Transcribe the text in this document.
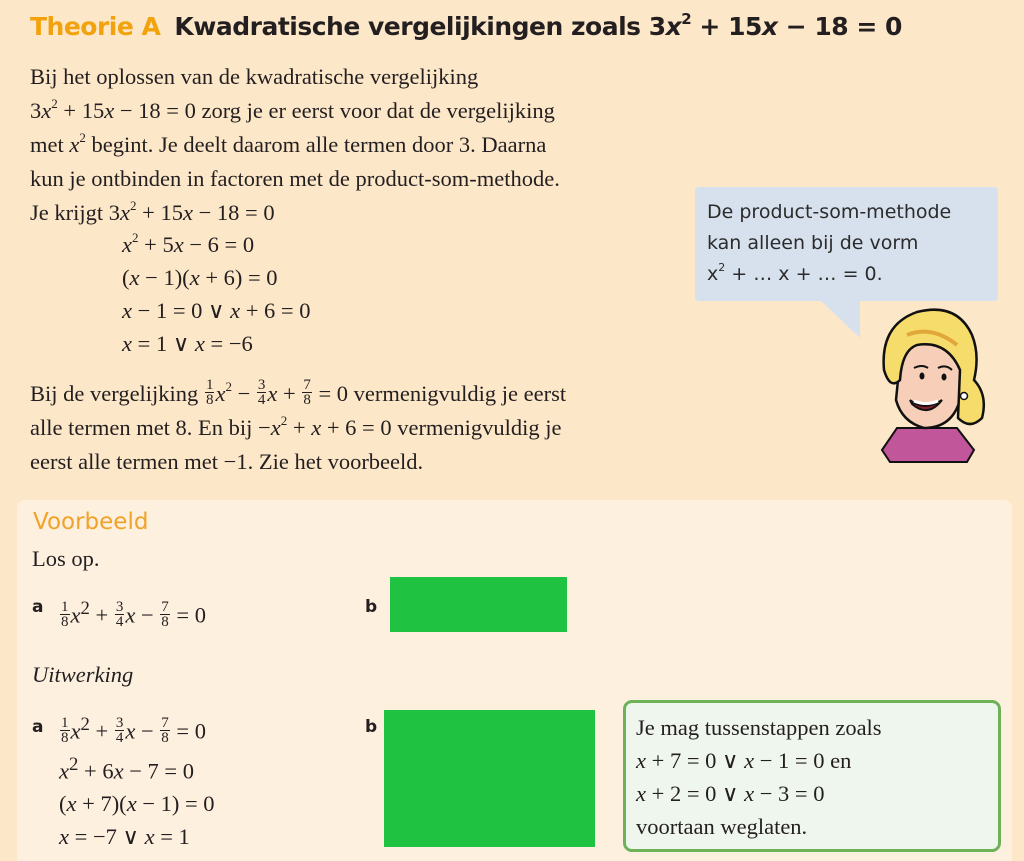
Theorie A Kwadratische vergelijkingen zoals $3x^2 + 15x - 18 = 0$
Bij het oplossen van de kwadratische vergelijking
$3x^2 + 15x - 18 = 0$ zorg je er eerst voor dat de vergelijking
met $x^2$ begint. Je deelt daarom alle termen door 3. Daarna
kun je ontbinden in factoren met de product-som-methode.
Je krijgt $3x^2 + 15x - 18 = 0$
$x^2 + 5x - 6 = 0$
(x − 1)(x + 6) = 0
x − 1 = 0 ∨ x + 6 = 0
x = 1 ∨ x = −6
Bij de vergelijking $\frac{1}{8} x^2 - \frac{3}{4}$ $x + \frac{7}{8} = 0$ vermenigvuldig je eerst
alle termen met 8. En bij $-x^2 + x + 6 = 0$ vermenigvuldig je
eerst alle termen met −1. Zie het voorbeeld.
De product-som-methode
kan alleen bij de vorm
$x^2$ + … x + … = 0.
Voorbeeld
Los op.
a $\frac{1}{8} x^2 + \frac{3}{4}$ $x - \frac{7}{8} = 0$	b
Uitwerking
a $\frac{1}{8} x^2 + \frac{3}{4}$ $x - \frac{7}{8} = 0$
$x^2 + 6x - 7 = 0$
(x + 7)(x − 1) = 0
x = −7 ∨ x = 1
b	Je mag tussenstappen zoals
x + 7 = 0 ∨ x − 1 = 0 en
x + 2 = 0 ∨ x − 3 = 0
voortaan weglaten.
